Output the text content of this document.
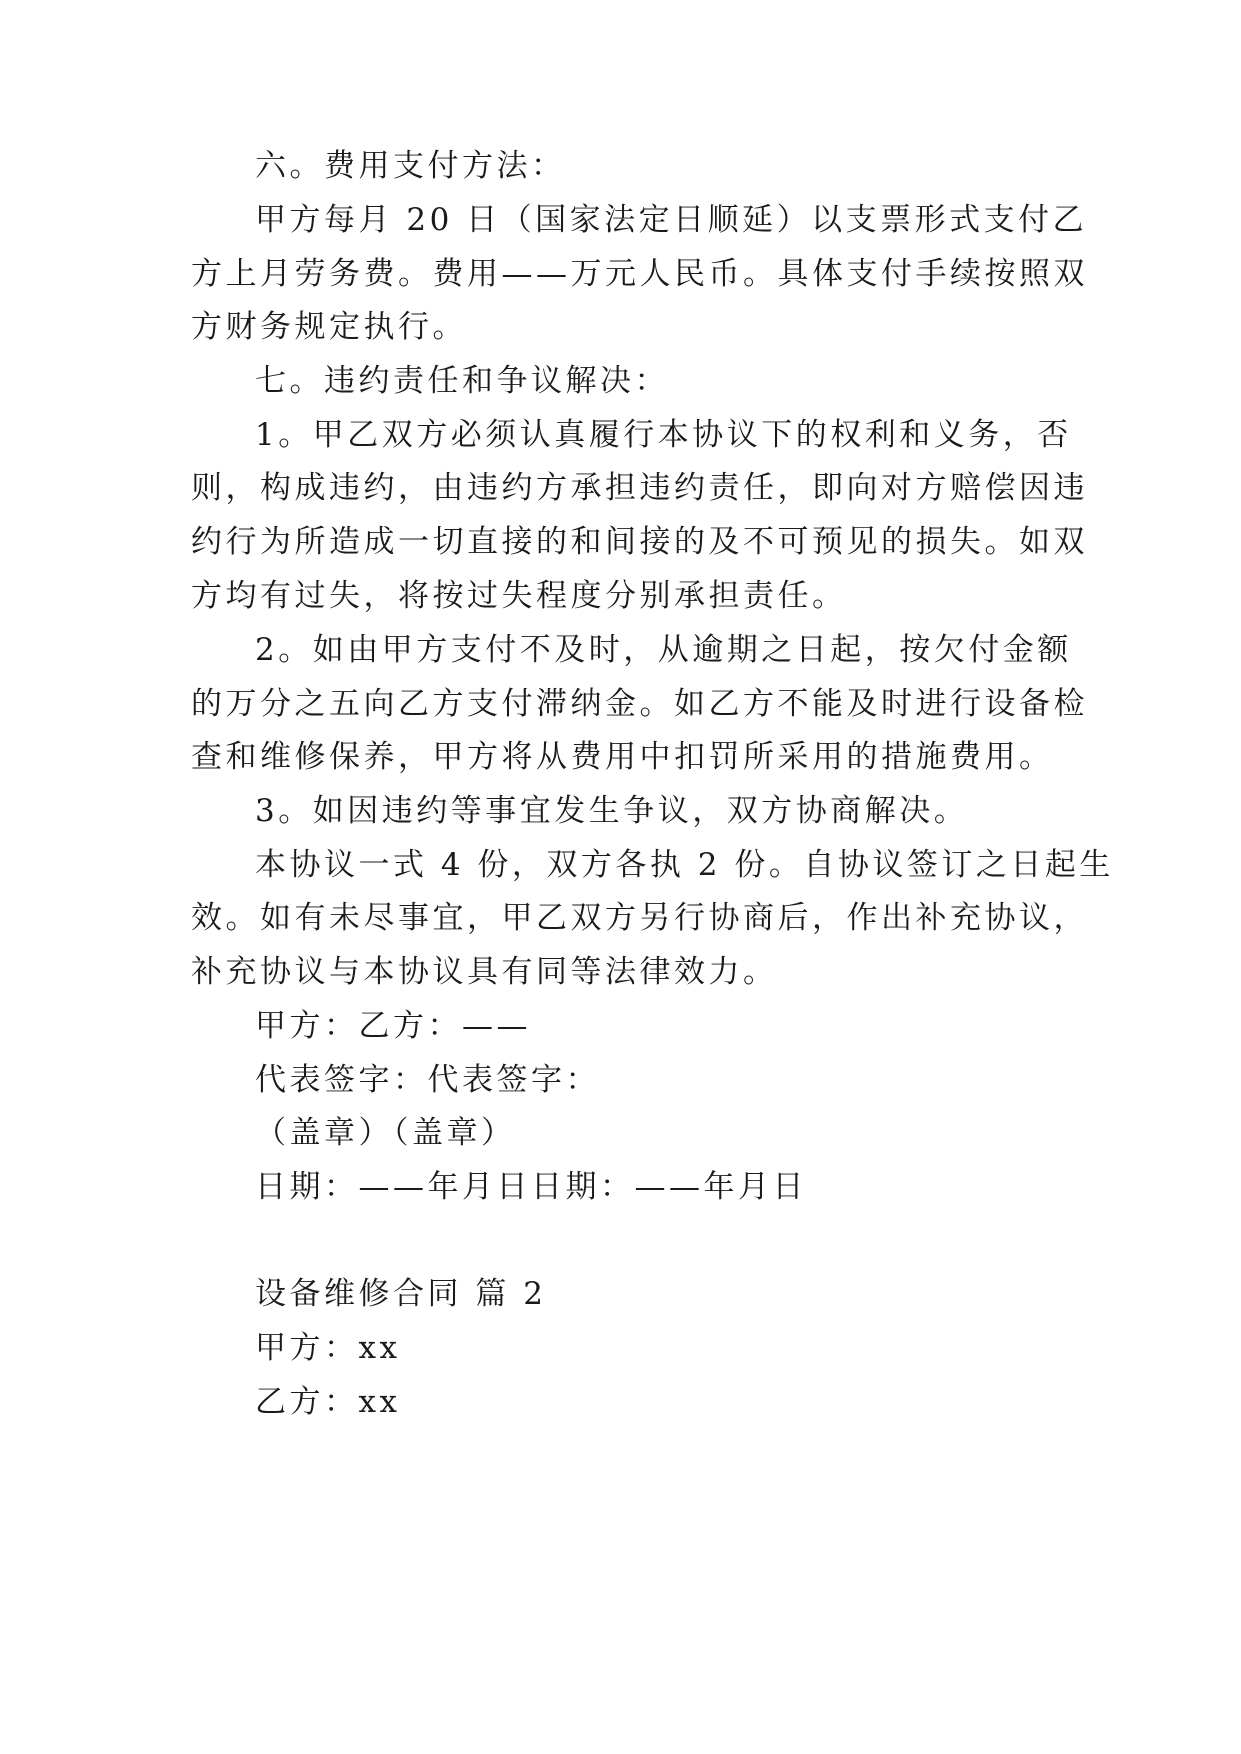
六。费用支付方法：
甲方每月 20 日（国家法定日顺延）以支票形式支付乙
方上月劳务费。费用——万元人民币。具体支付手续按照双
方财务规定执行。
七。违约责任和争议解决：
1。甲乙双方必须认真履行本协议下的权利和义务，否
则，构成违约，由违约方承担违约责任，即向对方赔偿因违
约行为所造成一切直接的和间接的及不可预见的损失。如双
方均有过失，将按过失程度分别承担责任。
2。如由甲方支付不及时，从逾期之日起，按欠付金额
的万分之五向乙方支付滞纳金。如乙方不能及时进行设备检
查和维修保养，甲方将从费用中扣罚所采用的措施费用。
3。如因违约等事宜发生争议，双方协商解决。
本协议一式 4 份，双方各执 2 份。自协议签订之日起生
效。如有未尽事宜，甲乙双方另行协商后，作出补充协议，
补充协议与本协议具有同等法律效力。
甲方：乙方：——
代表签字：代表签字：
（盖章）（盖章）
日期：——年月日日期：——年月日
设备维修合同 篇 2
甲方：xx
乙方：xx
